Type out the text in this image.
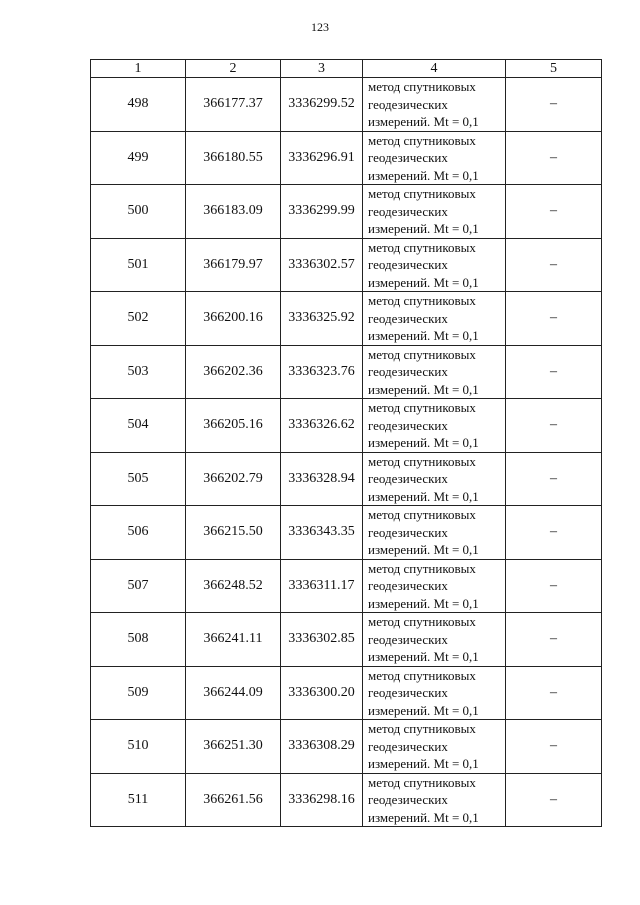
123
1	2	3	4	5
498	366177.37	3336299.52	метод спутниковых
геодезических
измерений. Mt = 0,1	–
499	366180.55	3336296.91	метод спутниковых
геодезических
измерений. Mt = 0,1	–
500	366183.09	3336299.99	метод спутниковых
геодезических
измерений. Mt = 0,1	–
501	366179.97	3336302.57	метод спутниковых
геодезических
измерений. Mt = 0,1	–
502	366200.16	3336325.92	метод спутниковых
геодезических
измерений. Mt = 0,1	–
503	366202.36	3336323.76	метод спутниковых
геодезических
измерений. Mt = 0,1	–
504	366205.16	3336326.62	метод спутниковых
геодезических
измерений. Mt = 0,1	–
505	366202.79	3336328.94	метод спутниковых
геодезических
измерений. Mt = 0,1	–
506	366215.50	3336343.35	метод спутниковых
геодезических
измерений. Mt = 0,1	–
507	366248.52	3336311.17	метод спутниковых
геодезических
измерений. Mt = 0,1	–
508	366241.11	3336302.85	метод спутниковых
геодезических
измерений. Mt = 0,1	–
509	366244.09	3336300.20	метод спутниковых
геодезических
измерений. Mt = 0,1	–
510	366251.30	3336308.29	метод спутниковых
геодезических
измерений. Mt = 0,1	–
511	366261.56	3336298.16	метод спутниковых
геодезических
измерений. Mt = 0,1	–
